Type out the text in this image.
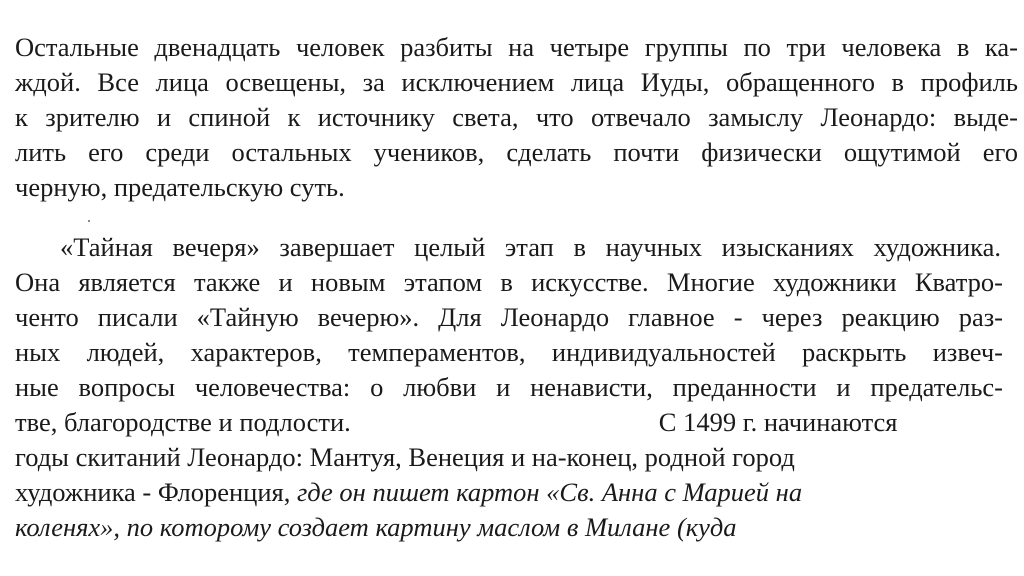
Остальные двенадцать человек разбиты на четыре группы по три человека в ка-
ждой. Все лица освещены, за исключением лица Иуды, обращенного в профиль
к зрителю и спиной к источнику света, что отвечало замыслу Леонардо: выде-
лить его среди остальных учеников, сделать почти физически ощутимой его
черную, предательскую суть.
«Тайная вечеря» завершает целый этап в научных изысканиях художника.
Она является также и новым этапом в искусстве. Многие художники Кватро-
ченто писали «Тайную вечерю». Для Леонардо главное - через реакцию раз-
ных людей, характеров, темпераментов, индивидуальностей раскрыть извеч-
ные вопросы человечества: о любви и ненависти, преданности и предательс-
тве, благородстве и подлости.	С 1499 г. начинаются
годы скитаний Леонардо: Мантуя, Венеция и на-конец, родной город
художника - Флоренция, где он пишет картон «Св. Анна с Марией на
коленях», по которому создает картину маслом в Милане (куда
